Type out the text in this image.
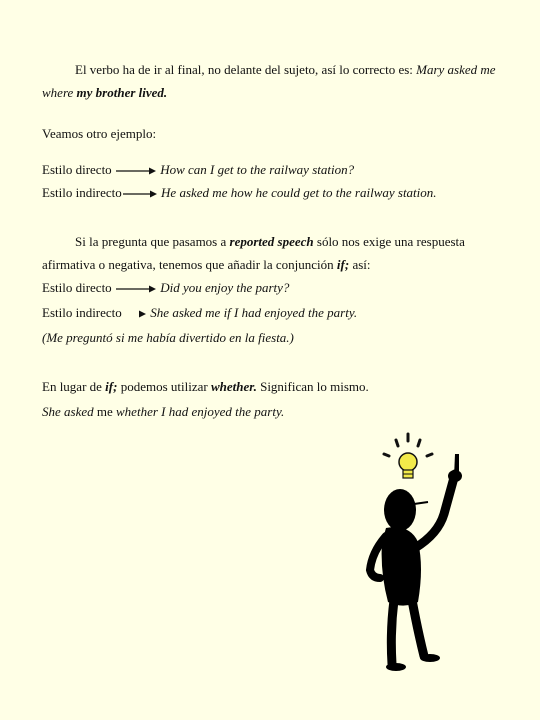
El verbo ha de ir al final, no delante del sujeto, así lo correcto es: Mary asked me
where my brother lived.
Veamos otro ejemplo:
Estilo directo	How can I get to the railway station?
Estilo indirecto	He asked me how he could get to the railway station.
Si la pregunta que pasamos a reported speech sólo nos exige una respuesta
afirmativa o negativa, tenemos que añadir la conjunción if; así:
Estilo directo	Did you enjoy the party?
Estilo indirecto She asked me if I had enjoyed the party.
(Me preguntó si me había divertido en la fiesta.)
En lugar de if; podemos utilizar whether. Significan lo mismo.
She asked me whether I had enjoyed the party.
